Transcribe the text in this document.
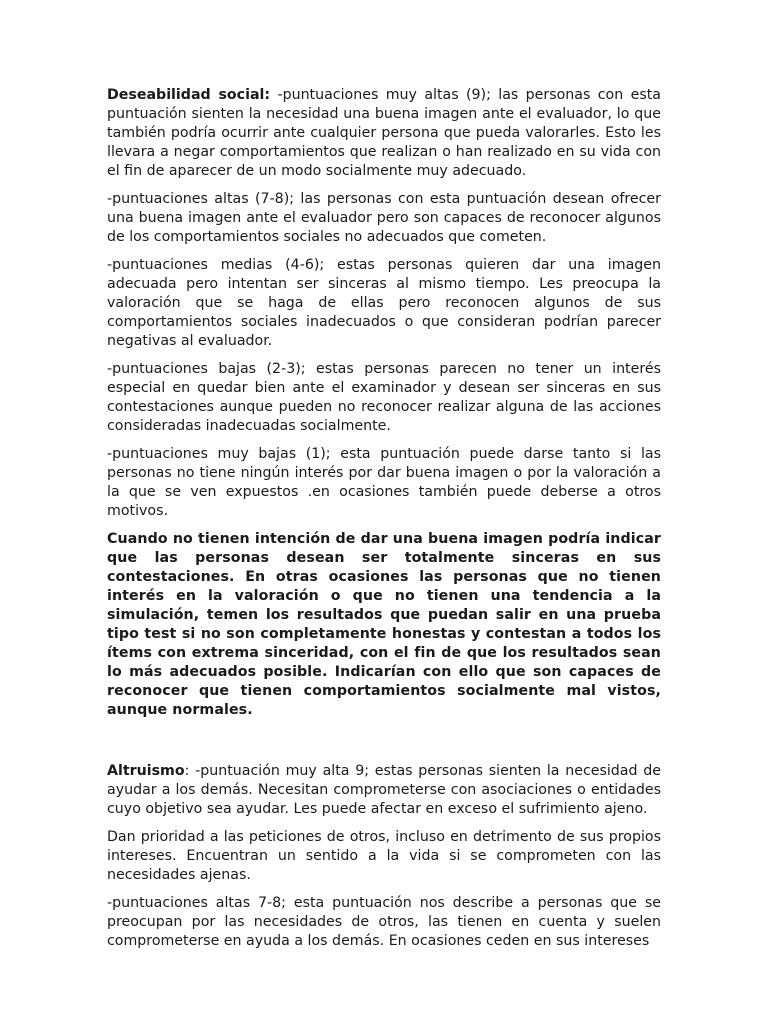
Deseabilidad social: -puntuaciones muy altas (9); las personas con esta puntuación sienten la necesidad una buena imagen ante el evaluador, lo que también podría ocurrir ante cualquier persona que pueda valorarles. Esto les llevara a negar comportamientos que realizan o han realizado en su vida con el fin de aparecer de un modo socialmente muy adecuado.

-puntuaciones altas (7-8); las personas con esta puntuación desean ofrecer una buena imagen ante el evaluador pero son capaces de reconocer algunos de los comportamientos sociales no adecuados que cometen.

-puntuaciones medias (4-6); estas personas quieren dar una imagen adecuada pero intentan ser sinceras al mismo tiempo. Les preocupa la valoración que se haga de ellas pero reconocen algunos de sus comportamientos sociales inadecuados o que consideran podrían parecer negativas al evaluador.

-puntuaciones bajas (2-3); estas personas parecen no tener un interés especial en quedar bien ante el examinador y desean ser sinceras en sus contestaciones aunque pueden no reconocer realizar alguna de las acciones consideradas inadecuadas socialmente.

-puntuaciones muy bajas (1); esta puntuación puede darse tanto si las personas no tiene ningún interés por dar buena imagen o por la valoración a la que se ven expuestos .en ocasiones también puede deberse a otros motivos.

Cuando no tienen intención de dar una buena imagen podría indicar que las personas desean ser totalmente sinceras en sus contestaciones. En otras ocasiones las personas que no tienen interés en la valoración o que no tienen una tendencia a la simulación, temen los resultados que puedan salir en una prueba tipo test si no son completamente honestas y contestan a todos los ítems con extrema sinceridad, con el fin de que los resultados sean lo más adecuados posible. Indicarían con ello que son capaces de reconocer que tienen comportamientos socialmente mal vistos, aunque normales.

Altruismo: -puntuación muy alta 9; estas personas sienten la necesidad de ayudar a los demás. Necesitan comprometerse con asociaciones o entidades cuyo objetivo sea ayudar. Les puede afectar en exceso el sufrimiento ajeno.

Dan prioridad a las peticiones de otros, incluso en detrimento de sus propios intereses. Encuentran un sentido a la vida si se comprometen con las necesidades ajenas.

-puntuaciones altas 7-8; esta puntuación nos describe a personas que se preocupan por las necesidades de otros, las tienen en cuenta y suelen comprometerse en ayuda a los demás. En ocasiones ceden en sus intereses
